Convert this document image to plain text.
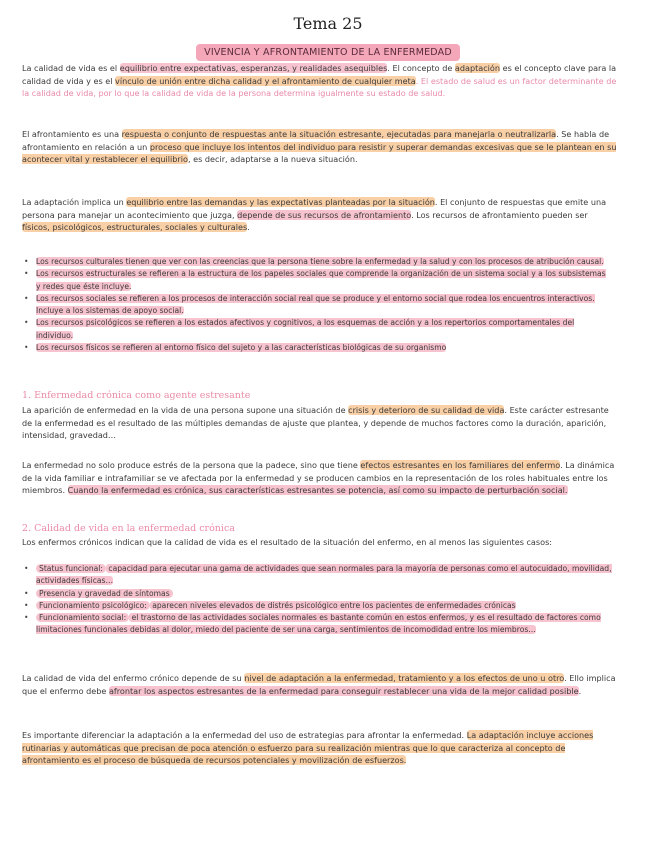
Tema 25
VIVENCIA Y AFRONTAMIENTO DE LA ENFERMEDAD
La calidad de vida es el equilibrio entre expectativas, esperanzas, y realidades asequibles. El concepto de adaptación es el concepto clave para la calidad de vida y es el vínculo de unión entre dicha calidad y el afrontamiento de cualquier meta. El estado de salud es un factor determinante de la calidad de vida, por lo que la calidad de vida de la persona determina igualmente su estado de salud.
El afrontamiento es una respuesta o conjunto de respuestas ante la situación estresante, ejecutadas para manejarla o neutralizarla. Se habla de afrontamiento en relación a un proceso que incluye los intentos del individuo para resistir y superar demandas excesivas que se le plantean en su acontecer vital y restablecer el equilibrio, es decir, adaptarse a la nueva situación.
La adaptación implica un equilibrio entre las demandas y las expectativas planteadas por la situación. El conjunto de respuestas que emite una persona para manejar un acontecimiento que juzga, depende de sus recursos de afrontamiento. Los recursos de afrontamiento pueden ser físicos, psicológicos, estructurales, sociales y culturales.
• Los recursos culturales tienen que ver con las creencias que la persona tiene sobre la enfermedad y la salud y con los procesos de atribución causal.
• Los recursos estructurales se refieren a la estructura de los papeles sociales que comprende la organización de un sistema social y a los subsistemas y redes que éste incluye.
• Los recursos sociales se refieren a los procesos de interacción social real que se produce y el entorno social que rodea los encuentros interactivos. Incluye a los sistemas de apoyo social.
• Los recursos psicológicos se refieren a los estados afectivos y cognitivos, a los esquemas de acción y a los repertorios comportamentales del individuo.
• Los recursos físicos se refieren al entorno físico del sujeto y a las características biológicas de su organismo
1. Enfermedad crónica como agente estresante
La aparición de enfermedad en la vida de una persona supone una situación de crisis y deterioro de su calidad de vida. Este carácter estresante de la enfermedad es el resultado de las múltiples demandas de ajuste que plantea, y depende de muchos factores como la duración, aparición, intensidad, gravedad…
La enfermedad no solo produce estrés de la persona que la padece, sino que tiene efectos estresantes en los familiares del enfermo. La dinámica de la vida familiar e intrafamiliar se ve afectada por la enfermedad y se producen cambios en la representación de los roles habituales entre los miembros. Cuando la enfermedad es crónica, sus características estresantes se potencia, así como su impacto de perturbación social.
2. Calidad de vida en la enfermedad crónica
Los enfermos crónicos indican que la calidad de vida es el resultado de la situación del enfermo, en al menos las siguientes casos:
• Status funcional: capacidad para ejecutar una gama de actividades que sean normales para la mayoría de personas como el autocuidado, movilidad, actividades físicas…
• Presencia y gravedad de síntomas
• Funcionamiento psicológico: aparecen niveles elevados de distrés psicológico entre los pacientes de enfermedades crónicas
• Funcionamiento social: el trastorno de las actividades sociales normales es bastante común en estos enfermos, y es el resultado de factores como limitaciones funcionales debidas al dolor, miedo del paciente de ser una carga, sentimientos de incomodidad entre los miembros…
La calidad de vida del enfermo crónico depende de su nivel de adaptación a la enfermedad, tratamiento y a los efectos de uno u otro. Ello implica que el enfermo debe afrontar los aspectos estresantes de la enfermedad para conseguir restablecer una vida de la mejor calidad posible.
Es importante diferenciar la adaptación a la enfermedad del uso de estrategias para afrontar la enfermedad. La adaptación incluye acciones rutinarias y automáticas que precisan de poca atención o esfuerzo para su realización mientras que lo que caracteriza al concepto de afrontamiento es el proceso de búsqueda de recursos potenciales y movilización de esfuerzos.
